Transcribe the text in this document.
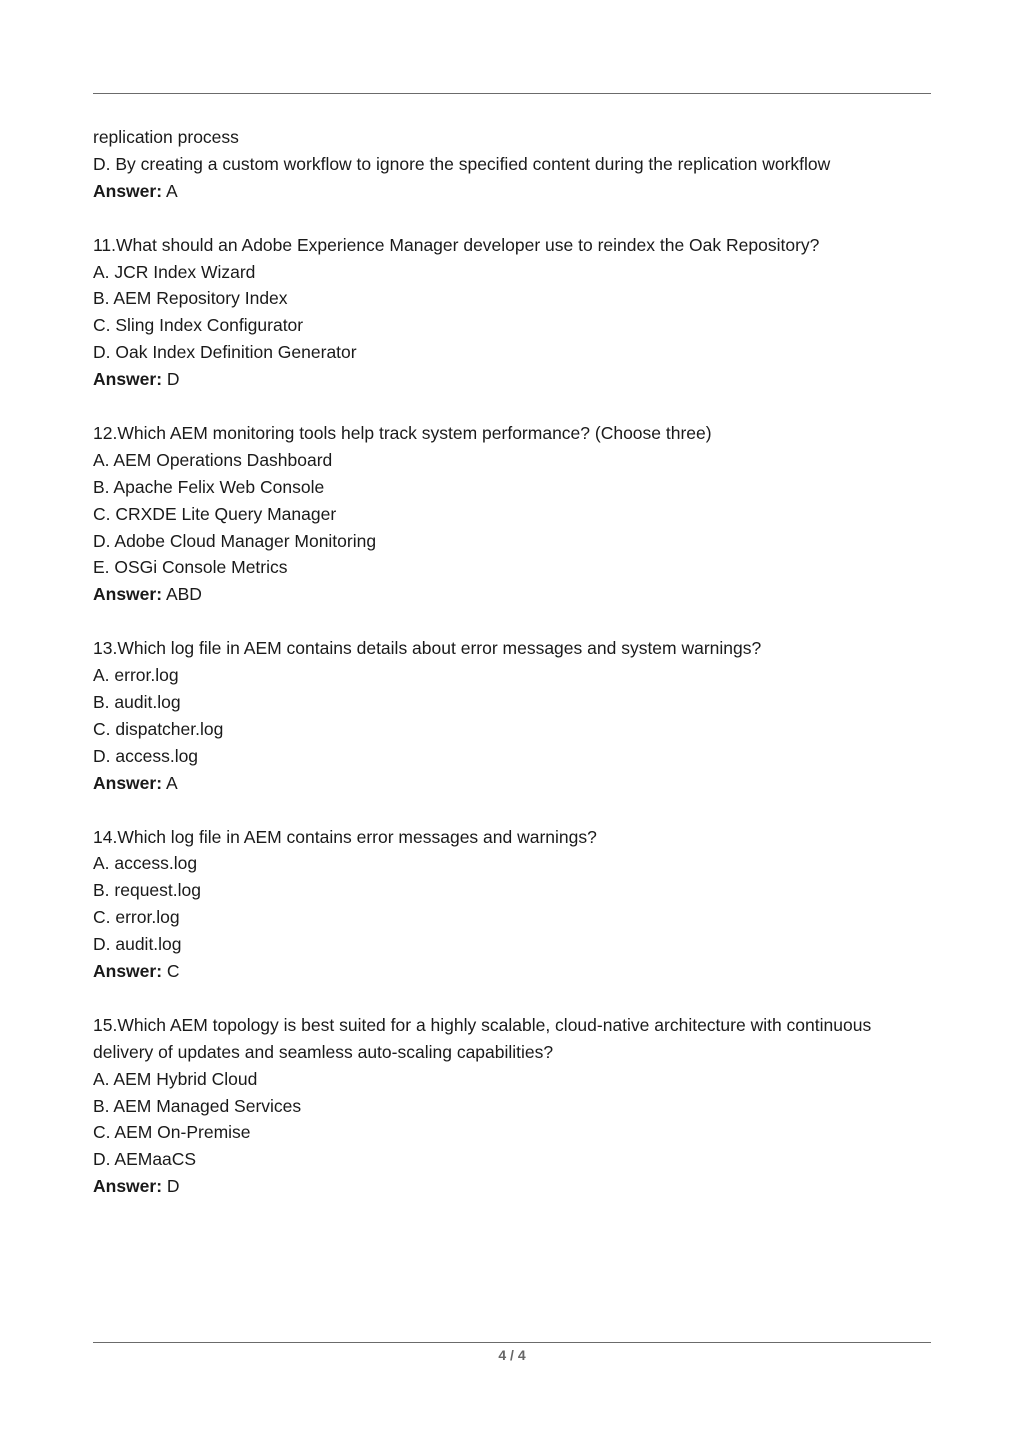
replication process
D. By creating a custom workflow to ignore the specified content during the replication workflow
Answer: A
11.What should an Adobe Experience Manager developer use to reindex the Oak Repository?
A. JCR Index Wizard
B. AEM Repository Index
C. Sling Index Configurator
D. Oak Index Definition Generator
Answer: D
12.Which AEM monitoring tools help track system performance? (Choose three)
A. AEM Operations Dashboard
B. Apache Felix Web Console
C. CRXDE Lite Query Manager
D. Adobe Cloud Manager Monitoring
E. OSGi Console Metrics
Answer: ABD
13.Which log file in AEM contains details about error messages and system warnings?
A. error.log
B. audit.log
C. dispatcher.log
D. access.log
Answer: A
14.Which log file in AEM contains error messages and warnings?
A. access.log
B. request.log
C. error.log
D. audit.log
Answer: C
15.Which AEM topology is best suited for a highly scalable, cloud-native architecture with continuous delivery of updates and seamless auto-scaling capabilities?
A. AEM Hybrid Cloud
B. AEM Managed Services
C. AEM On-Premise
D. AEMaaCS
Answer: D
4 / 4
